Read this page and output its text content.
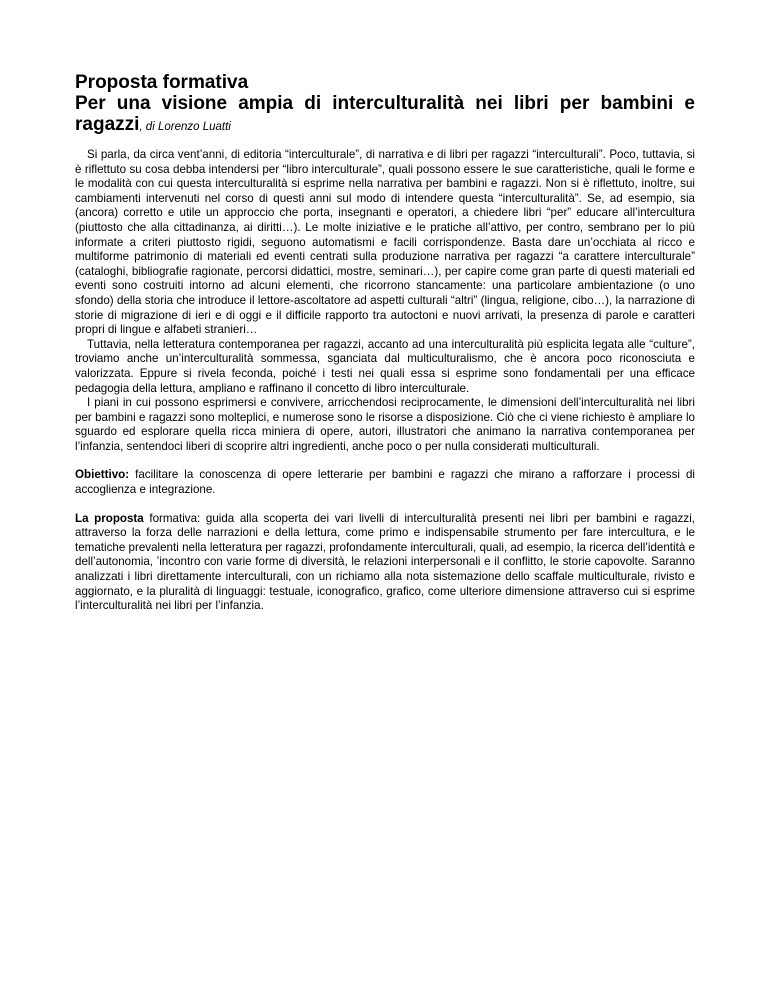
Proposta formativa
Per una visione ampia di interculturalità nei libri per bambini e ragazzi, di Lorenzo Luatti

Si parla, da circa vent’anni, di editoria “interculturale”, di narrativa e di libri per ragazzi “interculturali”. Poco, tuttavia, si è riflettuto su cosa debba intendersi per “libro interculturale”, quali possono essere le sue caratteristiche, quali le forme e le modalità con cui questa interculturalità si esprime nella narrativa per bambini e ragazzi. Non si è riflettuto, inoltre, sui cambiamenti intervenuti nel corso di questi anni sul modo di intendere questa “interculturalità”. Se, ad esempio, sia (ancora) corretto e utile un approccio che porta, insegnanti e operatori, a chiedere libri “per” educare all’intercultura (piuttosto che alla cittadinanza, ai diritti…). Le molte iniziative e le pratiche all’attivo, per contro, sembrano per lo più informate a criteri piuttosto rigidi, seguono automatismi e facili corrispondenze. Basta dare un’occhiata al ricco e multiforme patrimonio di materiali ed eventi centrati sulla produzione narrativa per ragazzi “a carattere interculturale” (cataloghi, bibliografie ragionate, percorsi didattici, mostre, seminari…), per capire come gran parte di questi materiali ed eventi sono costruiti intorno ad alcuni elementi, che ricorrono stancamente: una particolare ambientazione (o uno sfondo) della storia che introduce il lettore-ascoltatore ad aspetti culturali “altri” (lingua, religione, cibo…), la narrazione di storie di migrazione di ieri e di oggi e il difficile rapporto tra autoctoni e nuovi arrivati, la presenza di parole e caratteri propri di lingue e alfabeti stranieri…

Tuttavia, nella letteratura contemporanea per ragazzi, accanto ad una interculturalità più esplicita legata alle “culture”, troviamo anche un’interculturalità sommessa, sganciata dal multiculturalismo, che è ancora poco riconosciuta e valorizzata. Eppure si rivela feconda, poiché i testi nei quali essa si esprime sono fondamentali per una efficace pedagogia della lettura, ampliano e raffinano il concetto di libro interculturale.

I piani in cui possono esprimersi e convivere, arricchendosi reciprocamente, le dimensioni dell’interculturalità nei libri per bambini e ragazzi sono molteplici, e numerose sono le risorse a disposizione. Ciò che ci viene richiesto è ampliare lo sguardo ed esplorare quella ricca miniera di opere, autori, illustratori che animano la narrativa contemporanea per l’infanzia, sentendoci liberi di scoprire altri ingredienti, anche poco o per nulla considerati multiculturali.

Obiettivo: facilitare la conoscenza di opere letterarie per bambini e ragazzi che mirano a rafforzare i processi di accoglienza e integrazione.

La proposta formativa: guida alla scoperta dei vari livelli di interculturalità presenti nei libri per bambini e ragazzi, attraverso la forza delle narrazioni e della lettura, come primo e indispensabile strumento per fare intercultura, e le tematiche prevalenti nella letteratura per ragazzi, profondamente interculturali, quali, ad esempio, la ricerca dell’identità e dell’autonomia, ’incontro con varie forme di diversità, le relazioni interpersonali e il conflitto, le storie capovolte. Saranno analizzati i libri direttamente interculturali, con un richiamo alla nota sistemazione dello scaffale multiculturale, rivisto e aggiornato, e la pluralità di linguaggi: testuale, iconografico, grafico, come ulteriore dimensione attraverso cui si esprime l’interculturalità nei libri per l’infanzia.
